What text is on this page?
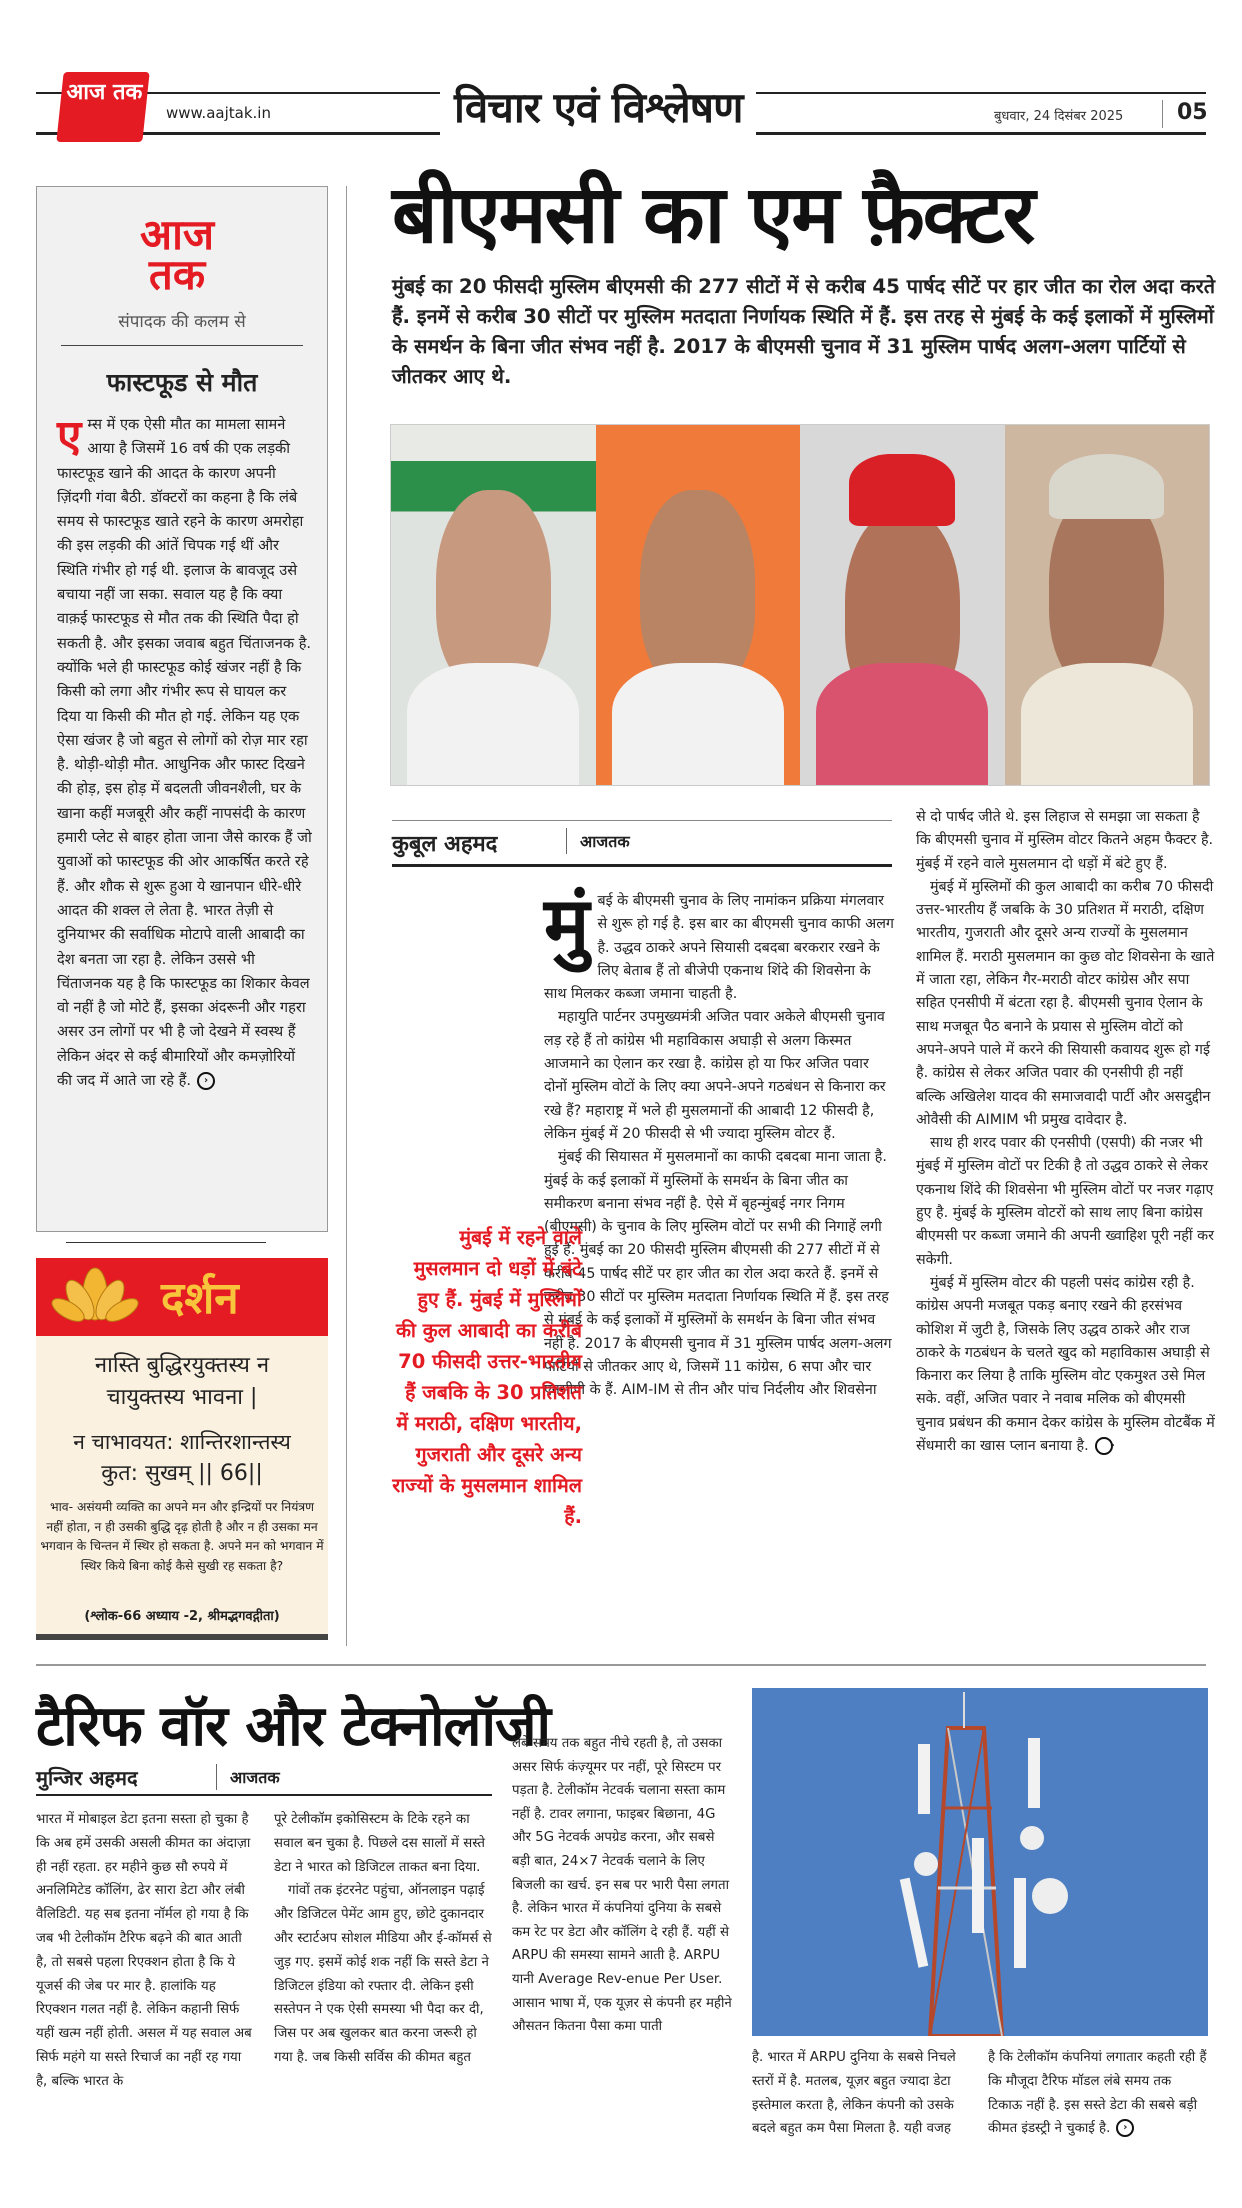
आज तक
www.aajtak.in	विचार एवं विश्लेषण	बुधवार, 24 दिसंबर 2025 05
आज तक
संपादक की कलम से
फास्टफूड से मौत
एम्स में एक ऐसी मौत का मामला सामने आया है जिसमें 16 वर्ष की एक लड़की फास्टफूड खाने की आदत के कारण अपनी ज़िंदगी गंवा बैठी. डॉक्टरों का कहना है कि लंबे समय से फास्टफूड खाते रहने के कारण अमरोहा की इस लड़की की आंतें चिपक गई थीं और स्थिति गंभीर हो गई थी. इलाज के बावजूद उसे बचाया नहीं जा सका. सवाल यह है कि क्या वाक़ई फास्टफूड से मौत तक की स्थिति पैदा हो सकती है. और इसका जवाब बहुत चिंताजनक है. क्योंकि भले ही फास्टफूड कोई खंजर नहीं है कि किसी को लगा और गंभीर रूप से घायल कर दिया या किसी की मौत हो गई. लेकिन यह एक ऐसा खंजर है जो बहुत से लोगों को रोज़ मार रहा है. थोड़ी-थोड़ी मौत. आधुनिक और फास्ट दिखने की होड़, इस होड़ में बदलती जीवनशैली, घर के खाना कहीं मजबूरी और कहीं नापसंदी के कारण हमारी प्लेट से बाहर होता जाना जैसे कारक हैं जो युवाओं को फास्टफूड की ओर आकर्षित करते रहे हैं. और शौक से शुरू हुआ ये खानपान धीरे-धीरे आदत की शक्ल ले लेता है. भारत तेज़ी से दुनियाभर की सर्वाधिक मोटापे वाली आबादी का देश बनता जा रहा है. लेकिन उससे भी चिंताजनक यह है कि फास्टफूड का शिकार केवल वो नहीं है जो मोटे हैं, इसका अंदरूनी और गहरा असर उन लोगों पर भी है जो देखने में स्वस्थ हैं लेकिन अंदर से कई बीमारियों और कमज़ोरियों की जद में आते जा रहे हैं. ›
दर्शन
नास्ति बुद्धिरयुक्तस्य न
चायुक्तस्य भावना |
न चाभावयत: शान्तिरशान्तस्य
कुत: सुखम् || 66||
भाव- असंयमी व्यक्ति का अपने मन और इन्द्रियों पर नियंत्रण नहीं होता, न ही उसकी बुद्धि दृढ़ होती है और न ही उसका मन भगवान के चिन्तन में स्थिर हो सकता है. अपने मन को भगवान में स्थिर किये बिना कोई कैसे सुखी रह सकता है?
(श्लोक-66 अध्याय -2, श्रीमद्भगवद्गीता)
बीएमसी का एम फ़ैक्टर
मुंबई का 20 फीसदी मुस्लिम बीएमसी की 277 सीटों में से करीब 45 पार्षद सीटें पर हार जीत का रोल अदा करते हैं. इनमें से करीब 30 सीटों पर मुस्लिम मतदाता निर्णायक स्थिति में हैं. इस तरह से मुंबई के कई इलाकों में मुस्लिमों के समर्थन के बिना जीत संभव नहीं है. 2017 के बीएमसी चुनाव में 31 मुस्लिम पार्षद अलग-अलग पार्टियों से जीतकर आए थे.
कुबूल अहमद	आजतक
मुं बई के बीएमसी चुनाव के लिए नामांकन प्रक्रिया मंगलवार से शुरू हो गई है. इस बार का बीएमसी चुनाव काफी अलग है. उद्धव ठाकरे अपने सियासी दबदबा बरकरार रखने के लिए बेताब हैं तो बीजेपी एकनाथ शिंदे की शिवसेना के साथ मिलकर कब्जा जमाना चाहती है.

महायुति पार्टनर उपमुख्यमंत्री अजित पवार अकेले बीएमसी चुनाव लड़ रहे हैं तो कांग्रेस भी महाविकास अघाड़ी से अलग किस्मत आजमाने का ऐलान कर रखा है. कांग्रेस हो या फिर अजित पवार दोनों मुस्लिम वोटों के लिए क्या अपने-अपने गठबंधन से किनारा कर रखे हैं? महाराष्ट्र में भले ही मुसलमानों की आबादी 12 फीसदी है, लेकिन मुंबई में 20 फीसदी से भी ज्यादा मुस्लिम वोटर हैं.

मुंबई की सियासत में मुसलमानों का काफी दबदबा माना जाता है. मुंबई के कई इलाकों में मुस्लिमों के समर्थन के बिना जीत का समीकरण बनाना संभव नहीं है. ऐसे में बृहन्मुंबई नगर निगम (बीएमसी) के चुनाव के लिए मुस्लिम वोटों पर सभी की निगाहें लगी हुई हैं. मुंबई का 20 फीसदी मुस्लिम बीएमसी की 277 सीटों में से करीब 45 पार्षद सीटें पर हार जीत का रोल अदा करते हैं. इनमें से करीब 30 सीटों पर मुस्लिम मतदाता निर्णायक स्थिति में हैं. इस तरह से मुंबई के कई इलाकों में मुस्लिमों के समर्थन के बिना जीत संभव नहीं है. 2017 के बीएमसी चुनाव में 31 मुस्लिम पार्षद अलग-अलग पार्टियों से जीतकर आए थे, जिसमें 11 कांग्रेस, 6 सपा और चार एनसीपी के हैं. AIM-IM से तीन और पांच निर्दलीय और शिवसेना

मुंबई में रहने वाले मुसलमान दो धड़ों में बंटे हुए हैं. मुंबई में मुस्लिमों की कुल आबादी का करीब 70 फीसदी उत्तर-भारतीय हैं जबकि के 30 प्रतिशत में मराठी, दक्षिण भारतीय, गुजराती और दूसरे अन्य राज्यों के मुसलमान शामिल हैं.

से दो पार्षद जीते थे. इस लिहाज से समझा जा सकता है कि बीएमसी चुनाव में मुस्लिम वोटर कितने अहम फैक्टर है. मुंबई में रहने वाले मुसलमान दो धड़ों में बंटे हुए हैं.

मुंबई में मुस्लिमों की कुल आबादी का करीब 70 फीसदी उत्तर-भारतीय हैं जबकि के 30 प्रतिशत में मराठी, दक्षिण भारतीय, गुजराती और दूसरे अन्य राज्यों के मुसलमान शामिल हैं. मराठी मुसलमान का कुछ वोट शिवसेना के खाते में जाता रहा, लेकिन गैर-मराठी वोटर कांग्रेस और सपा सहित एनसीपी में बंटता रहा है. बीएमसी चुनाव ऐलान के साथ मजबूत पैठ बनाने के प्रयास से मुस्लिम वोटों को अपने-अपने पाले में करने की सियासी कवायद शुरू हो गई है. कांग्रेस से लेकर अजित पवार की एनसीपी ही नहीं बल्कि अखिलेश यादव की समाजवादी पार्टी और असदुद्दीन ओवैसी की AIMIM भी प्रमुख दावेदार है.

साथ ही शरद पवार की एनसीपी (एसपी) की नजर भी मुंबई में मुस्लिम वोटों पर टिकी है तो उद्धव ठाकरे से लेकर एकनाथ शिंदे की शिवसेना भी मुस्लिम वोटों पर नजर गढ़ाए हुए है. मुंबई के मुस्लिम वोटरों को साथ लाए बिना कांग्रेस बीएमसी पर कब्जा जमाने की अपनी ख्वाहिश पूरी नहीं कर सकेगी.

मुंबई में मुस्लिम वोटर की पहली पसंद कांग्रेस रही है. कांग्रेस अपनी मजबूत पकड़ बनाए रखने की हरसंभव कोशिश में जुटी है, जिसके लिए उद्धव ठाकरे और राज ठाकरे के गठबंधन के चलते खुद को महाविकास अघाड़ी से किनारा कर लिया है ताकि मुस्लिम वोट एकमुश्त उसे मिल सके. वहीं, अजित पवार ने नवाब मलिक को बीएमसी चुनाव प्रबंधन की कमान देकर कांग्रेस के मुस्लिम वोटबैंक में सेंधमारी का खास प्लान बनाया है. ›

टैरिफ वॉर और टेक्नोलॉजी
मुन्जिर अहमद	आजतक
भारत में मोबाइल डेटा इतना सस्ता हो चुका है कि अब हमें उसकी असली कीमत का अंदाज़ा ही नहीं रहता. हर महीने कुछ सौ रुपये में अनलिमिटेड कॉलिंग, ढेर सारा डेटा और लंबी वैलिडिटी. यह सब इतना नॉर्मल हो गया है कि जब भी टेलीकॉम टैरिफ बढ़ने की बात आती है, तो सबसे पहला रिएक्शन होता है कि ये यूजर्स की जेब पर मार है. हालांकि यह रिएक्शन गलत नहीं है. लेकिन कहानी सिर्फ यहीं खत्म नहीं होती. असल में यह सवाल अब सिर्फ महंगे या सस्ते रिचार्ज का नहीं रह गया है, बल्कि भारत के

पूरे टेलीकॉम इकोसिस्टम के टिके रहने का सवाल बन चुका है. पिछले दस सालों में सस्ते डेटा ने भारत को डिजिटल ताकत बना दिया.

गांवों तक इंटरनेट पहुंचा, ऑनलाइन पढ़ाई और डिजिटल पेमेंट आम हुए, छोटे दुकानदार और स्टार्टअप सोशल मीडिया और ई-कॉमर्स से जुड़ गए. इसमें कोई शक नहीं कि सस्ते डेटा ने डिजिटल इंडिया को रफ्तार दी. लेकिन इसी सस्तेपन ने एक ऐसी समस्या भी पैदा कर दी, जिस पर अब खुलकर बात करना जरूरी हो गया है. जब किसी सर्विस की कीमत बहुत

लंबे समय तक बहुत नीचे रहती है, तो उसका असर सिर्फ कंज़्यूमर पर नहीं, पूरे सिस्टम पर पड़ता है. टेलीकॉम नेटवर्क चलाना सस्ता काम नहीं है. टावर लगाना, फाइबर बिछाना, 4G और 5G नेटवर्क अपग्रेड करना, और सबसे बड़ी बात, 24×7 नेटवर्क चलाने के लिए बिजली का खर्च. इन सब पर भारी पैसा लगता है. लेकिन भारत में कंपनियां दुनिया के सबसे कम रेट पर डेटा और कॉलिंग दे रही हैं. यहीं से ARPU की समस्या सामने आती है. ARPU यानी Average Rev-enue Per User. आसान भाषा में, एक यूज़र से कंपनी हर महीने औसतन कितना पैसा कमा पाती
है. भारत में ARPU दुनिया के सबसे निचले स्तरों में है. मतलब, यूज़र बहुत ज्यादा डेटा इस्तेमाल करता है, लेकिन कंपनी को उसके बदले बहुत कम पैसा मिलता है. यही वजह
है कि टेलीकॉम कंपनियां लगातार कहती रही हैं कि मौजूदा टैरिफ मॉडल लंबे समय तक टिकाऊ नहीं है. इस सस्ते डेटा की सबसे बड़ी कीमत इंडस्ट्री ने चुकाई है. ›
